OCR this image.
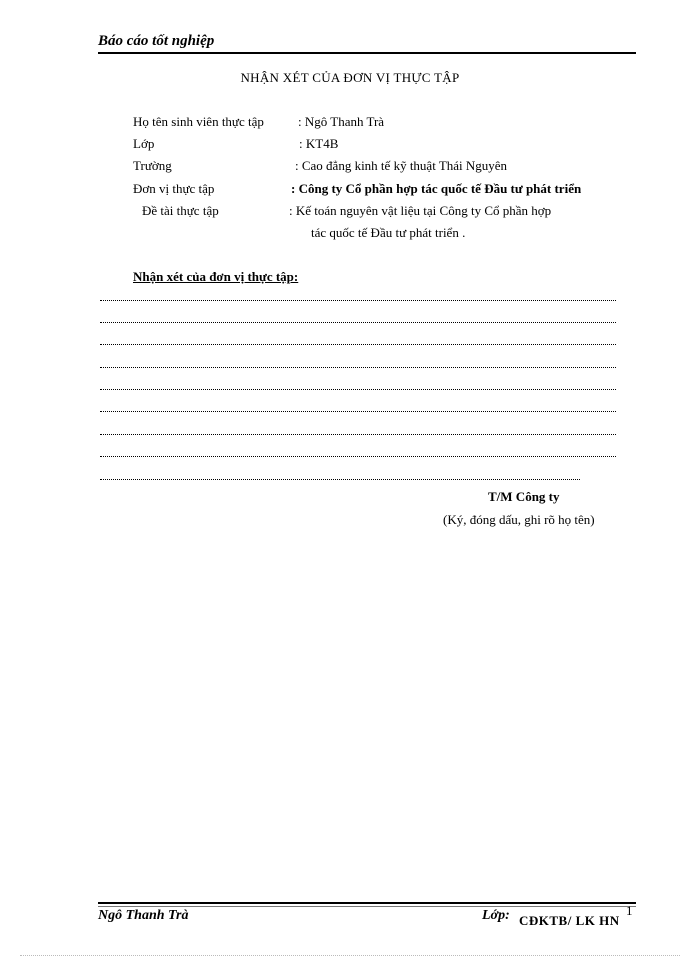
Báo cáo tốt nghiệp
NHẬN XÉT CỦA ĐƠN VỊ THỰC TẬP
Họ tên sinh viên thực tập	: Ngô Thanh Trà
Lớp	: KT4B
Trường	: Cao đẳng kinh tế kỹ thuật Thái Nguyên
Đơn vị thực tập	: Công ty Cổ phần hợp tác quốc tế Đầu tư phát triển
Đề tài thực tập	: Kế toán nguyên vật liệu tại Công ty Cổ phần hợp
tác quốc tế Đầu tư phát triển .
Nhận xét của đơn vị thực tập:
T/M Công ty
(Ký, đóng dấu, ghi rõ họ tên)
Ngô Thanh Trà	Lớp: CĐKTB/ LK HN
1
